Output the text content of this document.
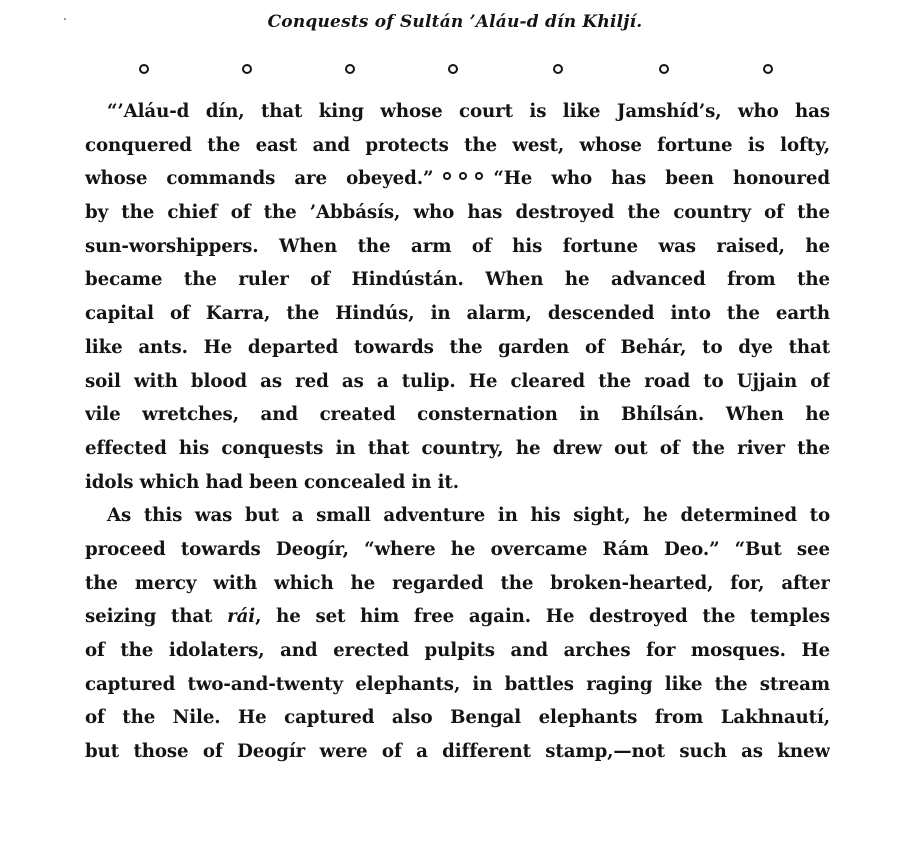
Conquests of Sultán ’Aláu-d dín Khiljí.
“’Aláu-d dín, that king whose court is like Jamshíd’s, who has
conquered the east and protects the west, whose fortune is lofty,
whose commands are obeyed.”	“He who has been honoured
by the chief of the ’Abbásís, who has destroyed the country of the
sun-worshippers. When the arm of his fortune was raised, he
became the ruler of Hindústán. When he advanced from the
capital of Karra, the Hindús, in alarm, descended into the earth
like ants. He departed towards the garden of Behár, to dye that
soil with blood as red as a tulip. He cleared the road to Ujjain of
vile wretches, and created consternation in Bhílsán. When he
effected his conquests in that country, he drew out of the river the
idols which had been concealed in it.
As this was but a small adventure in his sight, he determined to
proceed towards Deogír, “where he overcame Rám Deo.” “But see
the mercy with which he regarded the broken-hearted, for, after
seizing that rái, he set him free again. He destroyed the temples
of the idolaters, and erected pulpits and arches for mosques. He
captured two-and-twenty elephants, in battles raging like the stream
of the Nile. He captured also Bengal elephants from Lakhnautí,
but those of Deogír were of a different stamp,—not such as knew
